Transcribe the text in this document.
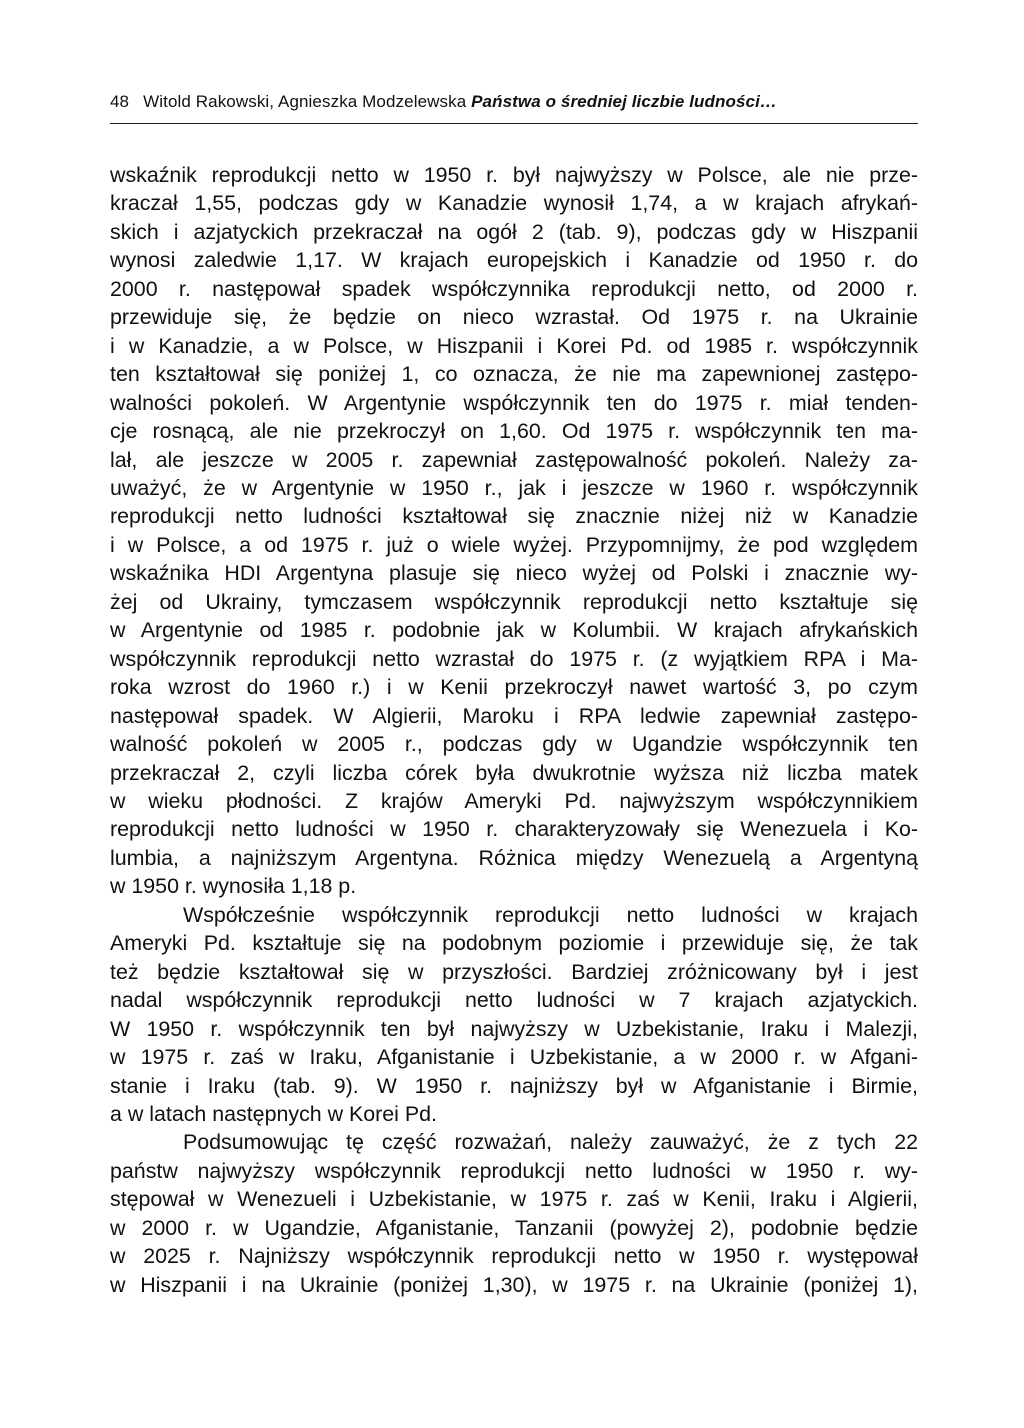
48 Witold Rakowski, Agnieszka Modzelewska Państwa o średniej liczbie ludności…
wskaźnik reprodukcji netto w 1950 r. był najwyższy w Polsce, ale nie prze-
kraczał 1,55, podczas gdy w Kanadzie wynosił 1,74, a w krajach afrykań-
skich i azjatyckich przekraczał na ogół 2 (tab. 9), podczas gdy w Hiszpanii
wynosi zaledwie 1,17. W krajach europejskich i Kanadzie od 1950 r. do
2000 r. następował spadek współczynnika reprodukcji netto, od 2000 r.
przewiduje się, że będzie on nieco wzrastał. Od 1975 r. na Ukrainie
i w Kanadzie, a w Polsce, w Hiszpanii i Korei Pd. od 1985 r. współczynnik
ten kształtował się poniżej 1, co oznacza, że nie ma zapewnionej zastępo-
walności pokoleń. W Argentynie współczynnik ten do 1975 r. miał tenden-
cje rosnącą, ale nie przekroczył on 1,60. Od 1975 r. współczynnik ten ma-
lał, ale jeszcze w 2005 r. zapewniał zastępowalność pokoleń. Należy za-
uważyć, że w Argentynie w 1950 r., jak i jeszcze w 1960 r. współczynnik
reprodukcji netto ludności kształtował się znacznie niżej niż w Kanadzie
i w Polsce, a od 1975 r. już o wiele wyżej. Przypomnijmy, że pod względem
wskaźnika HDI Argentyna plasuje się nieco wyżej od Polski i znacznie wy-
żej od Ukrainy, tymczasem współczynnik reprodukcji netto kształtuje się
w Argentynie od 1985 r. podobnie jak w Kolumbii. W krajach afrykańskich
współczynnik reprodukcji netto wzrastał do 1975 r. (z wyjątkiem RPA i Ma-
roka wzrost do 1960 r.) i w Kenii przekroczył nawet wartość 3, po czym
następował spadek. W Algierii, Maroku i RPA ledwie zapewniał zastępo-
walność pokoleń w 2005 r., podczas gdy w Ugandzie współczynnik ten
przekraczał 2, czyli liczba córek była dwukrotnie wyższa niż liczba matek
w wieku płodności. Z krajów Ameryki Pd. najwyższym współczynnikiem
reprodukcji netto ludności w 1950 r. charakteryzowały się Wenezuela i Ko-
lumbia, a najniższym Argentyna. Różnica między Wenezuelą a Argentyną
w 1950 r. wynosiła 1,18 p.
Współcześnie współczynnik reprodukcji netto ludności w krajach
Ameryki Pd. kształtuje się na podobnym poziomie i przewiduje się, że tak
też będzie kształtował się w przyszłości. Bardziej zróżnicowany był i jest
nadal współczynnik reprodukcji netto ludności w 7 krajach azjatyckich.
W 1950 r. współczynnik ten był najwyższy w Uzbekistanie, Iraku i Malezji,
w 1975 r. zaś w Iraku, Afganistanie i Uzbekistanie, a w 2000 r. w Afgani-
stanie i Iraku (tab. 9). W 1950 r. najniższy był w Afganistanie i Birmie,
a w latach następnych w Korei Pd.
Podsumowując tę część rozważań, należy zauważyć, że z tych 22
państw najwyższy współczynnik reprodukcji netto ludności w 1950 r. wy-
stępował w Wenezueli i Uzbekistanie, w 1975 r. zaś w Kenii, Iraku i Algierii,
w 2000 r. w Ugandzie, Afganistanie, Tanzanii (powyżej 2), podobnie będzie
w 2025 r. Najniższy współczynnik reprodukcji netto w 1950 r. występował
w Hiszpanii i na Ukrainie (poniżej 1,30), w 1975 r. na Ukrainie (poniżej 1),
